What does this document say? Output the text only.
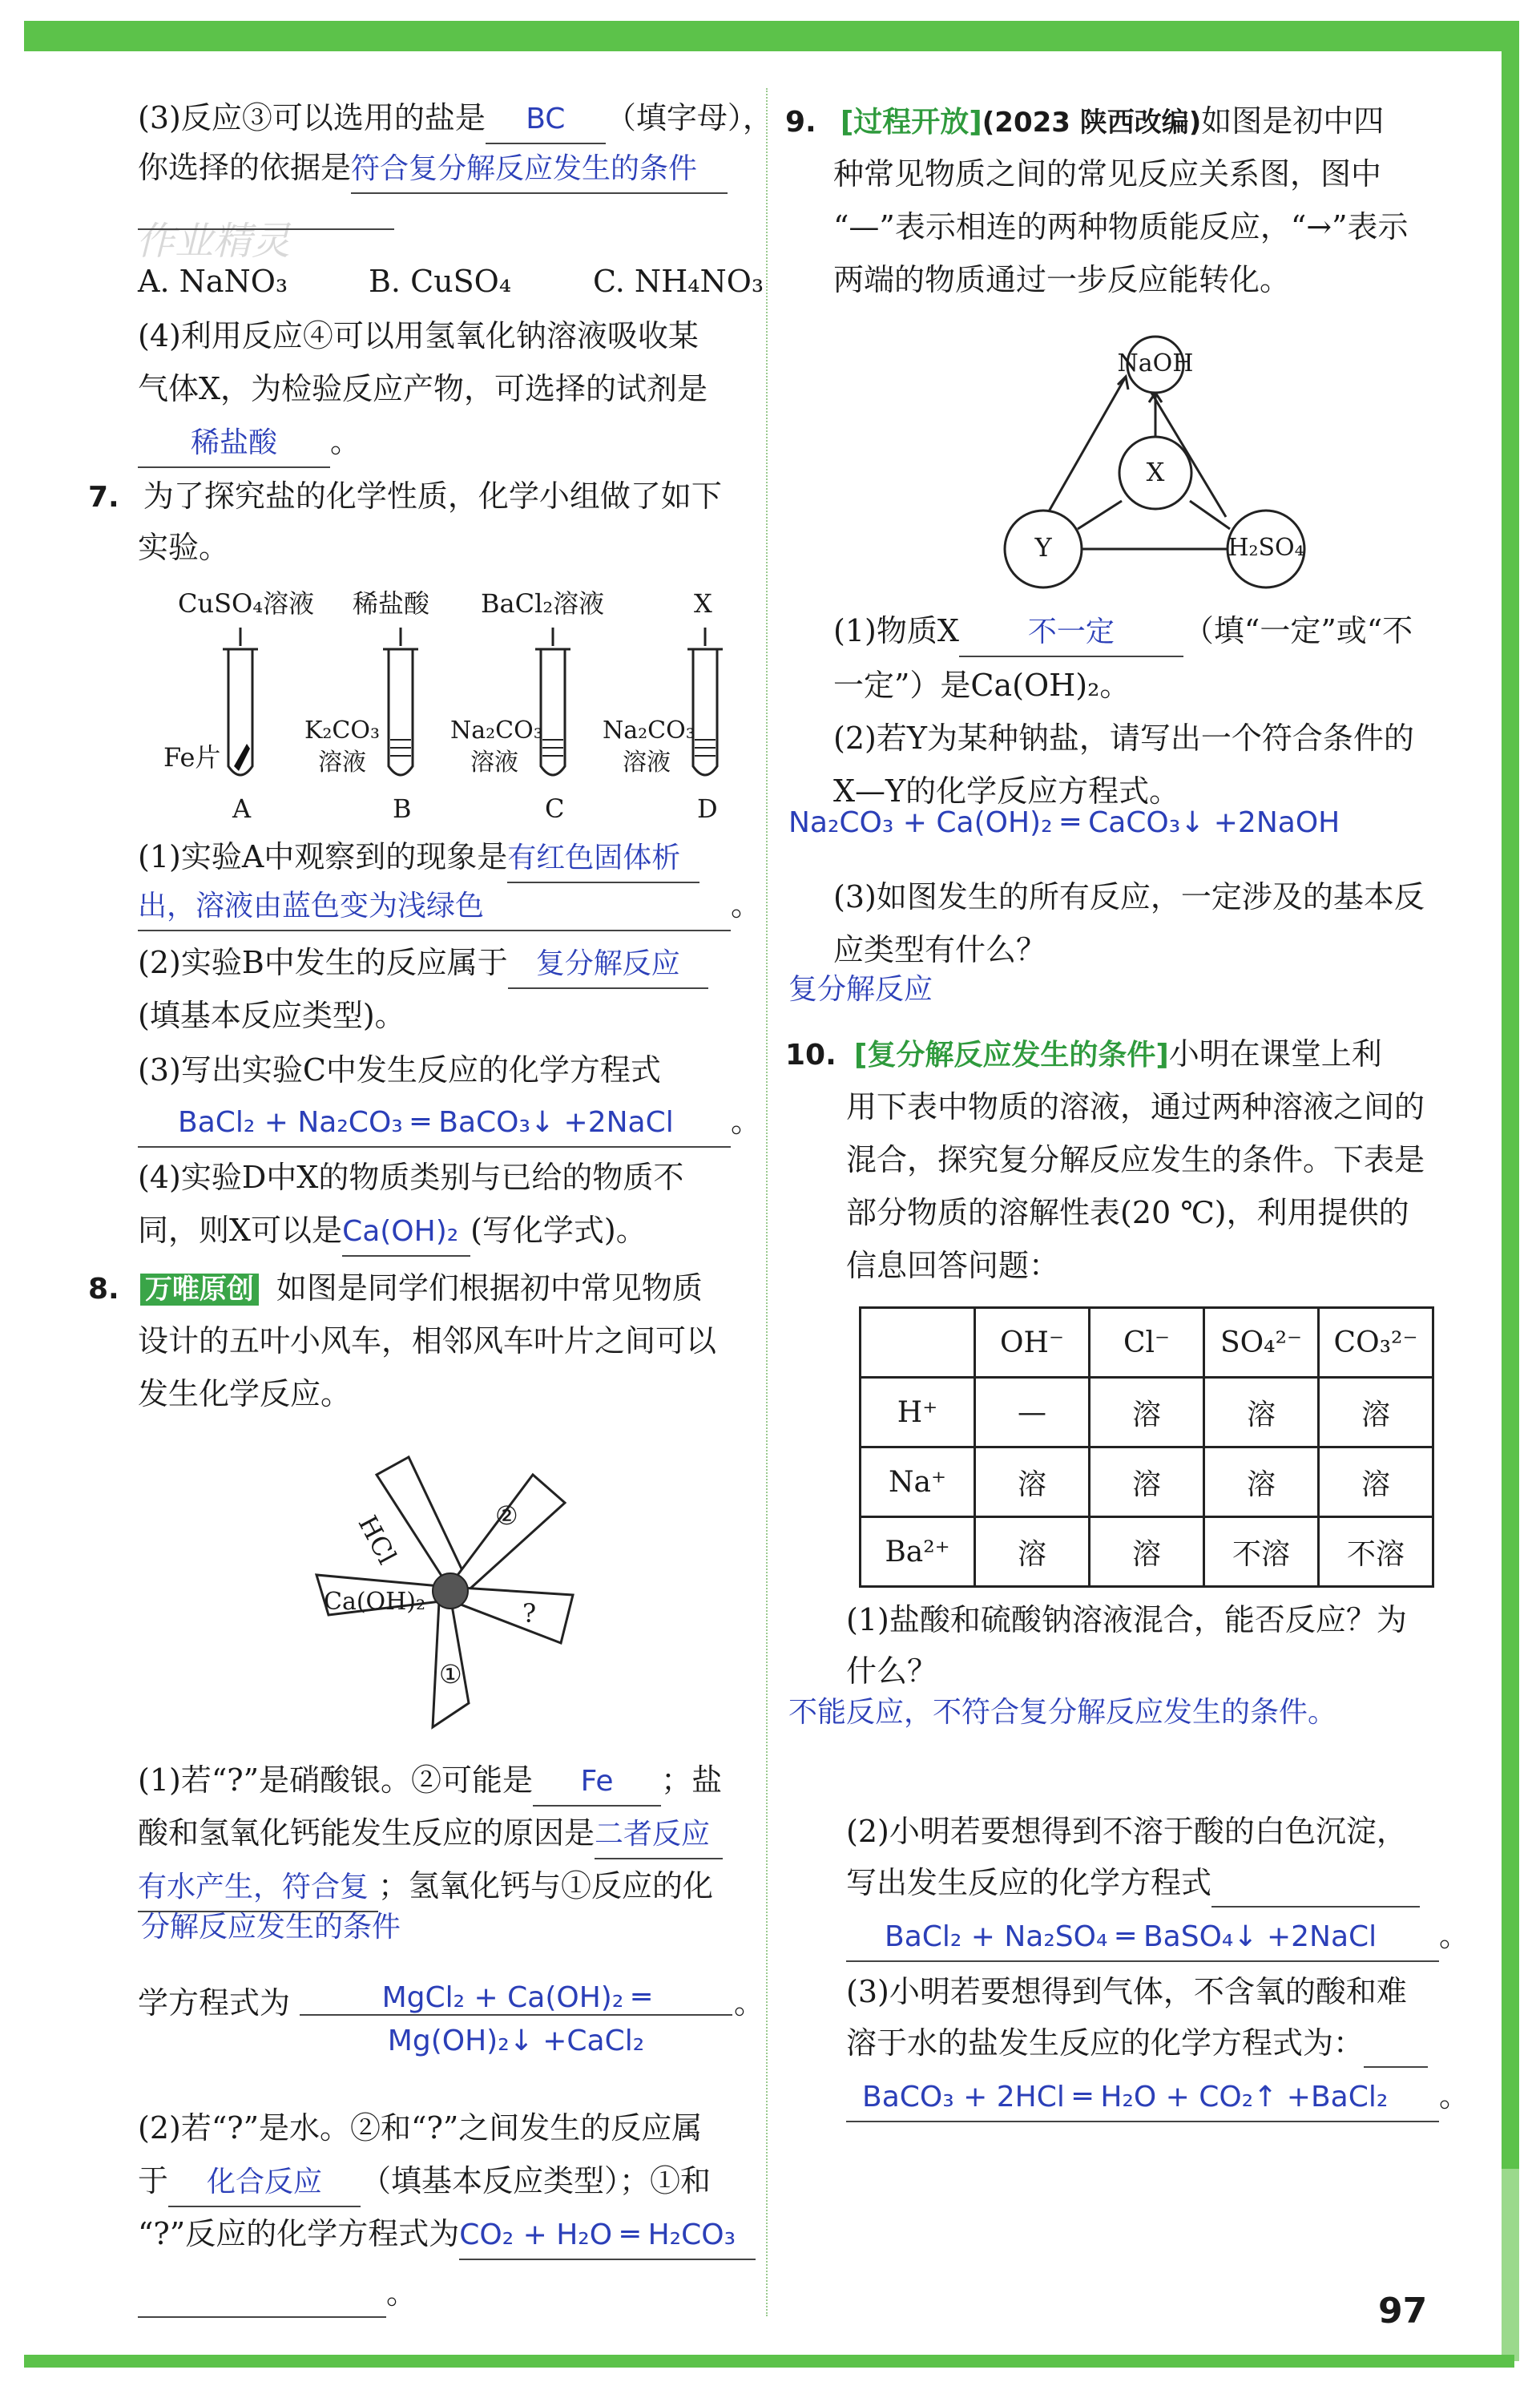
(3)反应③可以选用的盐是 BC （填字母），
你选择的依据是符合复分解反应发生的条件
作业精灵
A. NaNO₃	B. CuSO₄	C. NH₄NO₃
(4)利用反应④可以用氢氧化钠溶液吸收某
气体X，为检验反应产物，可选择的试剂是
稀盐酸 。
7. 为了探究盐的化学性质，化学小组做了如下
实验。
CuSO₄溶液 稀盐酸 BaCl₂溶液	X
Fe片
K₂CO₃溶液
Na₂CO₃溶液
Na₂CO₃溶液
A	B	C	D
(1)实验A中观察到的现象是有红色固体析
出，溶液由蓝色变为浅绿色	。
(2)实验B中发生的反应属于 复分解反应
(填基本反应类型)。
(3)写出实验C中发生反应的化学方程式
BaCl₂ + Na₂CO₃ ═ BaCO₃↓ +2NaCl 。
(4)实验D中X的物质类别与已给的物质不
同，则X可以是Ca(OH)₂ (写化学式)。
8. 万唯原创 如图是同学们根据初中常见物质
设计的五叶小风车，相邻风车叶片之间可以
发生化学反应。
HCl	②
?
①
Ca(OH)₂
(1)若“?”是硝酸银。②可能是 Fe ；盐
酸和氢氧化钙能发生反应的原因是二者反应
有水产生，符合复 ；氢氧化钙与①反应的化
分解反应发生的条件
学方程式为	MgCl₂ + Ca(OH)₂ ═	。
Mg(OH)₂↓ +CaCl₂
(2)若“?”是水。②和“?”之间发生的反应属
于 化合反应 （填基本反应类型）；①和
“?”反应的化学方程式为CO₂ + H₂O ═ H₂CO₃
。
9. [过程开放](2023 陕西改编)如图是初中四
种常见物质之间的常见反应关系图，图中
“—”表示相连的两种物质能反应，“→”表示
两端的物质通过一步反应能转化。
NaOH
X
Y	H₂SO₄
(1)物质X 不一定 （填“一定”或“不
一定”）是Ca(OH)₂。
(2)若Y为某种钠盐，请写出一个符合条件的
X—Y的化学反应方程式。
Na₂CO₃ + Ca(OH)₂ ═ CaCO₃↓ +2NaOH
(3)如图发生的所有反应，一定涉及的基本反
应类型有什么？
复分解反应
10. [复分解反应发生的条件]小明在课堂上利
用下表中物质的溶液，通过两种溶液之间的
混合，探究复分解反应发生的条件。下表是
部分物质的溶解性表(20 ℃)，利用提供的
信息回答问题：
	OH⁻	Cl⁻	SO₄²⁻	CO₃²⁻
H⁺	—	溶	溶	溶
Na⁺	溶	溶	溶	溶
Ba²⁺	溶	溶	不溶	不溶
(1)盐酸和硫酸钠溶液混合，能否反应？为
什么？
不能反应，不符合复分解反应发生的条件。
(2)小明若要想得到不溶于酸的白色沉淀，
写出发生反应的化学方程式
BaCl₂ + Na₂SO₄ ═ BaSO₄↓ +2NaCl 。
(3)小明若要想得到气体，不含氧的酸和难
溶于水的盐发生反应的化学方程式为：
BaCO₃ + 2HCl ═ H₂O + CO₂↑ +BaCl₂ 。
97
